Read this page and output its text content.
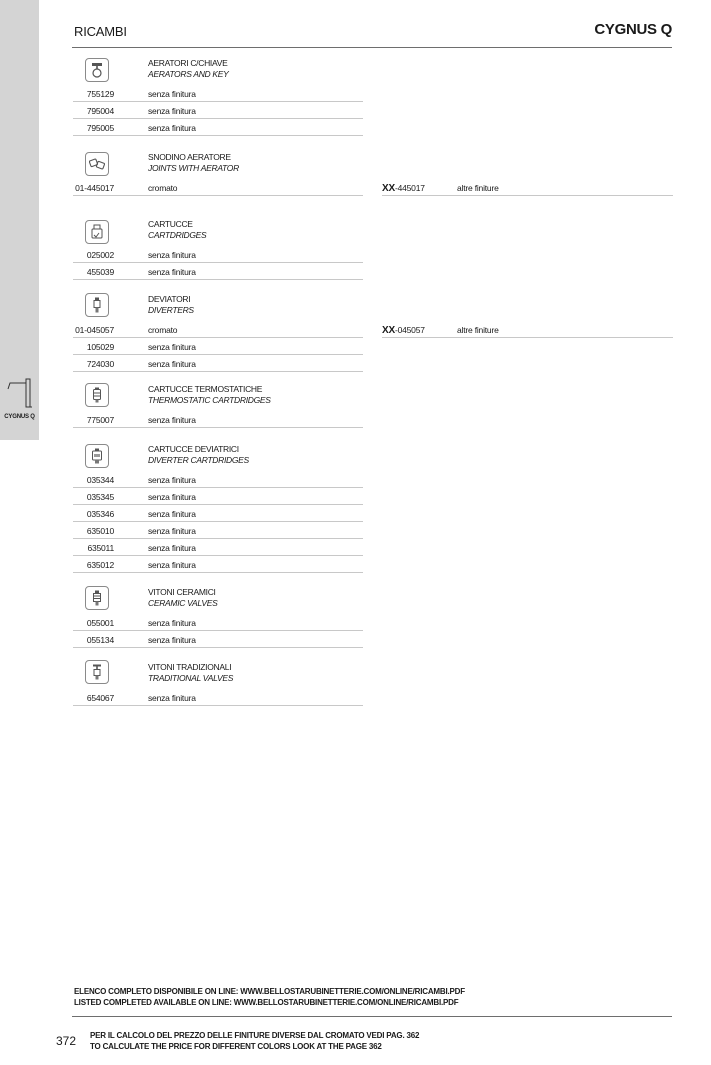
CYGNUS Q
RICAMBI	CYGNUS Q
AERATORI C/CHIAVE
AERATORS AND KEY
755129	senza finitura
795004	senza finitura
795005	senza finitura
SNODINO AERATORE
JOINTS WITH AERATOR
01-445017	cromato	XX-445017	altre finiture
CARTUCCE
CARTDRIDGES
025002	senza finitura
455039	senza finitura
DEVIATORI
DIVERTERS
01-045057	cromato	XX-045057	altre finiture
105029	senza finitura
724030	senza finitura
CARTUCCE TERMOSTATICHE
THERMOSTATIC CARTDRIDGES
775007	senza finitura
CARTUCCE DEVIATRICI
DIVERTER CARTDRIDGES
035344	senza finitura
035345	senza finitura
035346	senza finitura
635010	senza finitura
635011	senza finitura
635012	senza finitura
VITONI CERAMICI
CERAMIC VALVES
055001	senza finitura
055134	senza finitura
VITONI TRADIZIONALI
TRADITIONAL VALVES
654067	senza finitura
ELENCO COMPLETO DISPONIBILE ON LINE: WWW.BELLOSTARUBINETTERIE.COM/ONLINE/RICAMBI.PDF
LISTED COMPLETED AVAILABLE ON LINE: WWW.BELLOSTARUBINETTERIE.COM/ONLINE/RICAMBI.PDF
372 PER IL CALCOLO DEL PREZZO DELLE FINITURE DIVERSE DAL CROMATO VEDI PAG. 362
TO CALCULATE THE PRICE FOR DIFFERENT COLORS LOOK AT THE PAGE 362
